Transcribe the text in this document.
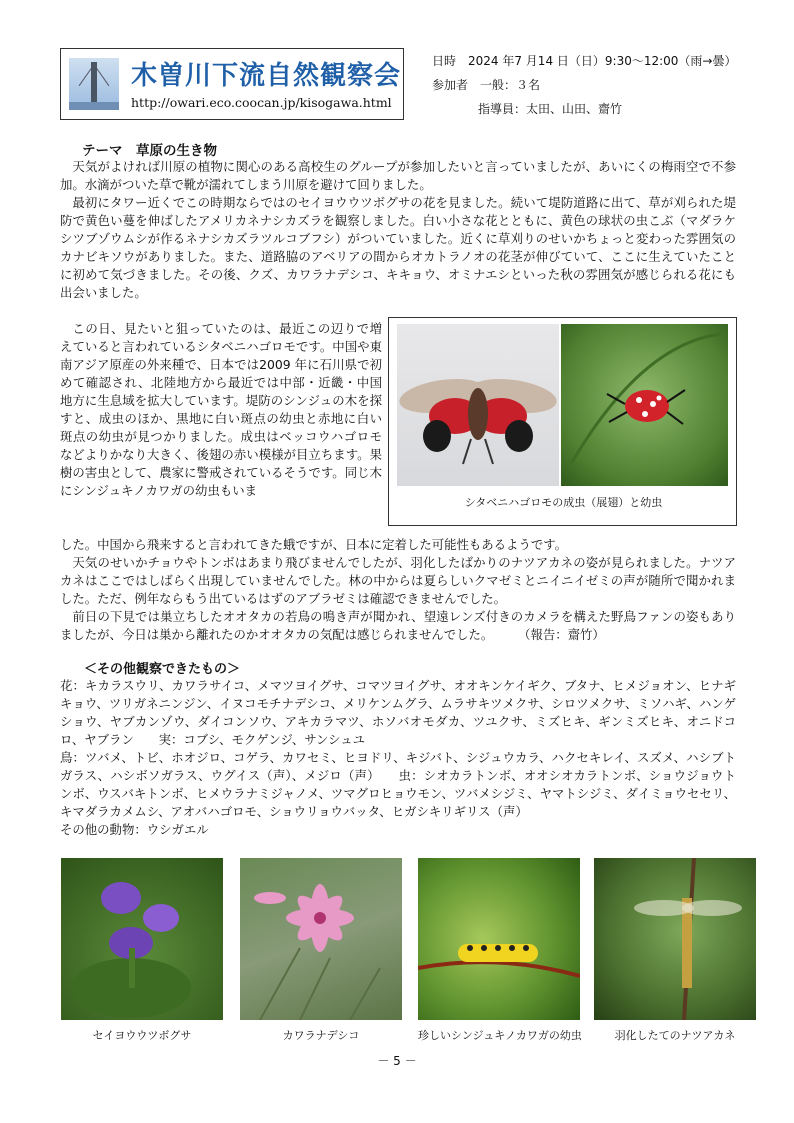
木曽川下流自然観察会
http://owari.eco.coocan.jp/kisogawa.html
日時　2024 年7 月14 日（日）9:30～12:00（雨→曇）
参加者　一般：３名
指導員：太田、山田、齋竹
テーマ　草原の生き物

天気がよければ川原の植物に関心のある高校生のグループが参加したいと言っていましたが、あいにくの梅雨空で不参加。水滴がついた草で靴が濡れてしまう川原を避けて回りました。

最初にタワー近くでこの時期ならではのセイヨウウツボグサの花を見ました。続いて堤防道路に出て、草が刈られた堤防で黄色い蔓を伸ばしたアメリカネナシカズラを観察しました。白い小さな花とともに、黄色の球状の虫こぶ（マダラケシツブゾウムシが作るネナシカズラツルコブフシ）がついていました。近くに草刈りのせいかちょっと変わった雰囲気のカナビキソウがありました。また、道路脇のアベリアの間からオカトラノオの花茎が伸びていて、ここに生えていたことに初めて気づきました。その後、クズ、カワラナデシコ、キキョウ、オミナエシといった秋の雰囲気が感じられる花にも出会いました。

この日、見たいと狙っていたのは、最近この辺りで増えていると言われているシタベニハゴロモです。中国や東南アジア原産の外来種で、日本では2009 年に石川県で初めて確認され、北陸地方から最近では中部・近畿・中国地方に生息域を拡大しています。堤防のシンジュの木を探すと、成虫のほか、黒地に白い斑点の幼虫と赤地に白い斑点の幼虫が見つかりました。成虫はベッコウハゴロモなどよりかなり大きく、後翅の赤い模様が目立ちます。果樹の害虫として、農家に警戒されているそうです。同じ木にシンジュキノカワガの幼虫もいま

シタベニハゴロモの成虫（展翅）と幼虫

した。中国から飛来すると言われてきた蛾ですが、日本に定着した可能性もあるようです。

天気のせいかチョウやトンボはあまり飛びませんでしたが、羽化したばかりのナツアカネの姿が見られました。ナツアカネはここではしばらく出現していませんでした。林の中からは夏らしいクマゼミとニイニイゼミの声が随所で聞かれました。ただ、例年ならもう出ているはずのアブラゼミは確認できませんでした。

前日の下見では巣立ちしたオオタカの若鳥の鳴き声が聞かれ、望遠レンズ付きのカメラを構えた野鳥ファンの姿もありましたが、今日は巣から離れたのかオオタカの気配は感じられませんでした。　　　（報告：齋竹）

＜その他観察できたもの＞

花：キカラスウリ、カワラサイコ、メマツヨイグサ、コマツヨイグサ、オオキンケイギク、ブタナ、ヒメジョオン、ヒナギキョウ、ツリガネニンジン、イヌコモチナデシコ、メリケンムグラ、ムラサキツメクサ、シロツメクサ、ミソハギ、ハンゲショウ、ヤブカンゾウ、ダイコンソウ、アキカラマツ、ホソバオモダカ、ツユクサ、ミズヒキ、ギンミズヒキ、オニドコロ、ヤブラン　　実：コブシ、モクゲンジ、サンシュユ

鳥：ツバメ、トビ、ホオジロ、コゲラ、カワセミ、ヒヨドリ、キジバト、シジュウカラ、ハクセキレイ、スズメ、ハシブトガラス、ハシボソガラス、ウグイス（声）、メジロ（声）　　虫：シオカラトンボ、オオシオカラトンボ、ショウジョウトンボ、ウスバキトンボ、ヒメウラナミジャノメ、ツマグロヒョウモン、ツバメシジミ、ヤマトシジミ、ダイミョウセセリ、キマダラカメムシ、アオバハゴロモ、ショウリョウバッタ、ヒガシキリギリス（声）

その他の動物：ウシガエル

セイヨウウツボグサ	カワラナデシコ	珍しいシンジュキノカワガの幼虫	羽化したてのナツアカネ
－ 5 －
